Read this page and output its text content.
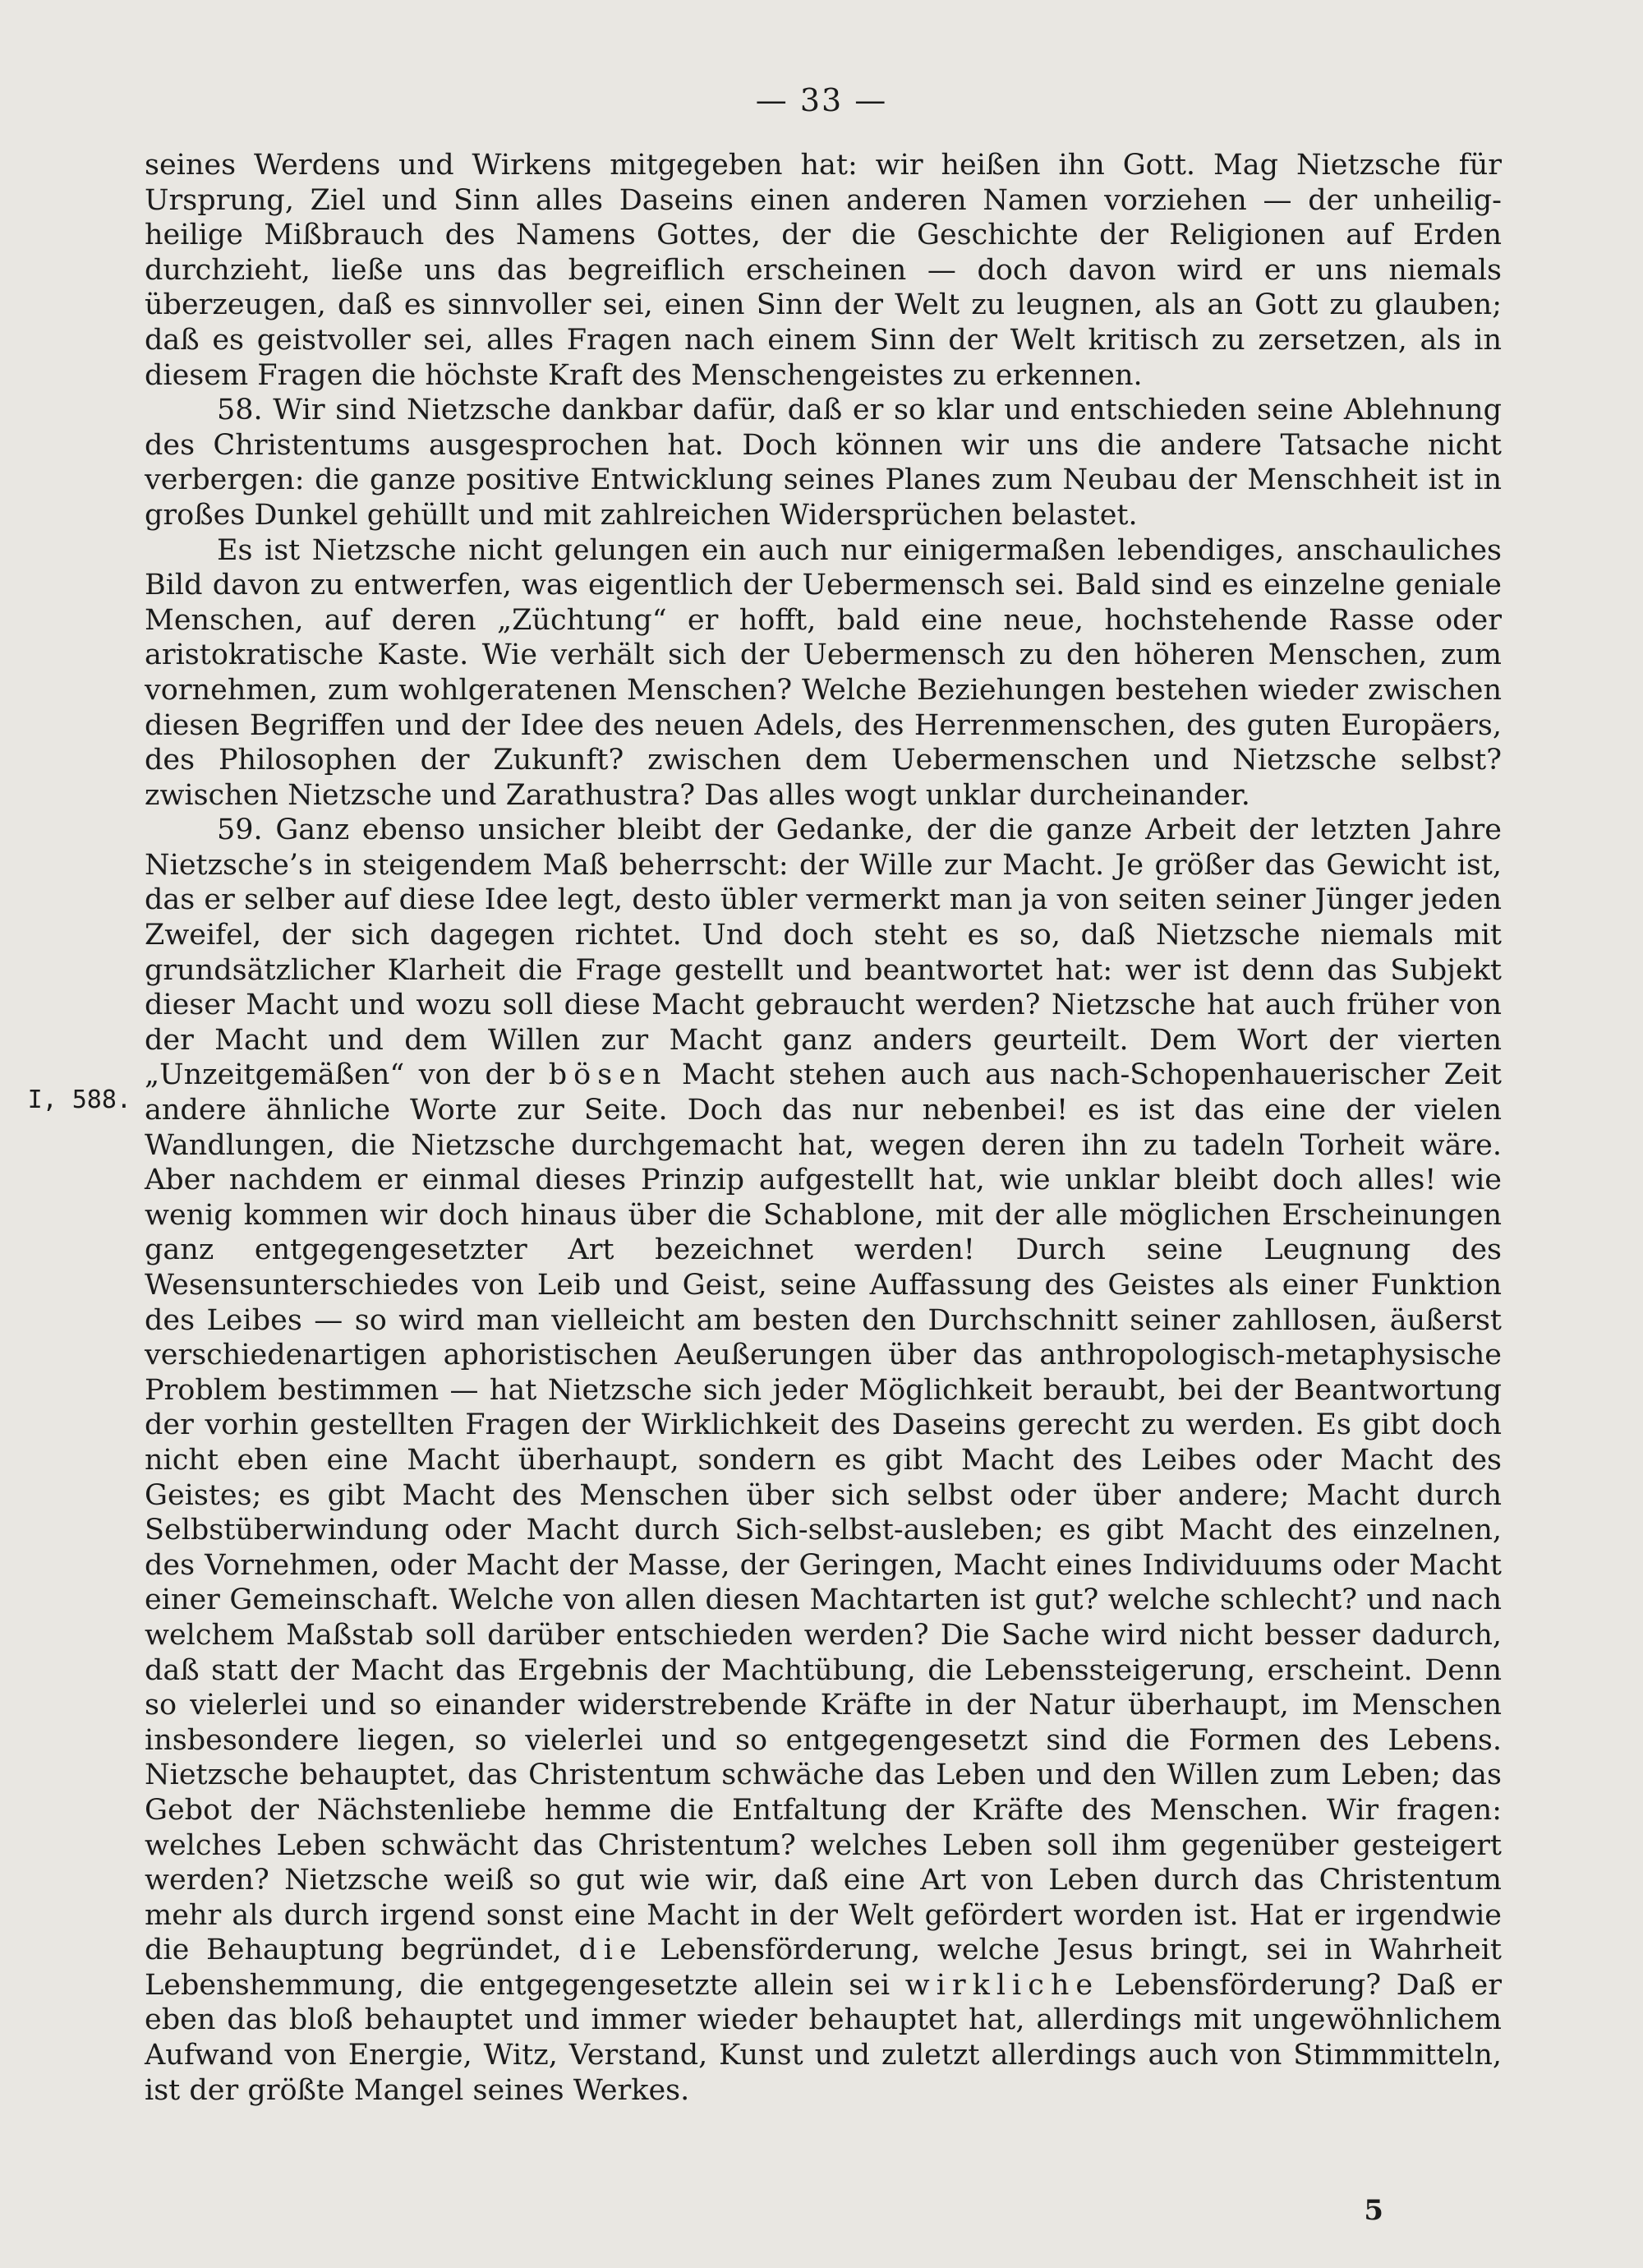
— 33 —
I, 588.

seines Werdens und Wirkens mitgegeben hat: wir heißen ihn Gott. Mag Nietzsche für Ursprung, Ziel und Sinn alles Daseins einen anderen Namen vorziehen — der unheilig-heilige Mißbrauch des Namens Gottes, der die Geschichte der Religionen auf Erden durchzieht, ließe uns das begreiflich erscheinen — doch davon wird er uns niemals überzeugen, daß es sinnvoller sei, einen Sinn der Welt zu leugnen, als an Gott zu glauben; daß es geistvoller sei, alles Fragen nach einem Sinn der Welt kritisch zu zersetzen, als in diesem Fragen die höchste Kraft des Menschengeistes zu erkennen.

58. Wir sind Nietzsche dankbar dafür, daß er so klar und entschieden seine Ablehnung des Christentums ausgesprochen hat. Doch können wir uns die andere Tatsache nicht verbergen: die ganze positive Entwicklung seines Planes zum Neubau der Menschheit ist in großes Dunkel gehüllt und mit zahlreichen Widersprüchen belastet.

Es ist Nietzsche nicht gelungen ein auch nur einigermaßen lebendiges, anschauliches Bild davon zu entwerfen, was eigentlich der Uebermensch sei. Bald sind es einzelne geniale Menschen, auf deren „Züchtung“ er hofft, bald eine neue, hochstehende Rasse oder aristokratische Kaste. Wie verhält sich der Uebermensch zu den höheren Menschen, zum vornehmen, zum wohlgeratenen Menschen? Welche Beziehungen bestehen wieder zwischen diesen Begriffen und der Idee des neuen Adels, des Herrenmenschen, des guten Europäers, des Philosophen der Zukunft? zwischen dem Uebermenschen und Nietzsche selbst? zwischen Nietzsche und Zarathustra? Das alles wogt unklar durcheinander.

59. Ganz ebenso unsicher bleibt der Gedanke, der die ganze Arbeit der letzten Jahre Nietzsche’s in steigendem Maß beherrscht: der Wille zur Macht. Je größer das Gewicht ist, das er selber auf diese Idee legt, desto übler vermerkt man ja von seiten seiner Jünger jeden Zweifel, der sich dagegen richtet. Und doch steht es so, daß Nietzsche niemals mit grundsätzlicher Klarheit die Frage gestellt und beantwortet hat: wer ist denn das Subjekt dieser Macht und wozu soll diese Macht gebraucht werden? Nietzsche hat auch früher von der Macht und dem Willen zur Macht ganz anders geurteilt. Dem Wort der vierten „Unzeitgemäßen“ von der bösen Macht stehen auch aus nach-Schopenhauerischer Zeit andere ähnliche Worte zur Seite. Doch das nur nebenbei! es ist das eine der vielen Wandlungen, die Nietzsche durchgemacht hat, wegen deren ihn zu tadeln Torheit wäre. Aber nachdem er einmal dieses Prinzip aufgestellt hat, wie unklar bleibt doch alles! wie wenig kommen wir doch hinaus über die Schablone, mit der alle möglichen Erscheinungen ganz entgegengesetzter Art bezeichnet werden! Durch seine Leugnung des Wesensunterschiedes von Leib und Geist, seine Auffassung des Geistes als einer Funktion des Leibes — so wird man vielleicht am besten den Durchschnitt seiner zahllosen, äußerst verschiedenartigen aphoristischen Aeußerungen über das anthropologisch-metaphysische Problem bestimmen — hat Nietzsche sich jeder Möglichkeit beraubt, bei der Beantwortung der vorhin gestellten Fragen der Wirklichkeit des Daseins gerecht zu werden. Es gibt doch nicht eben eine Macht überhaupt, sondern es gibt Macht des Leibes oder Macht des Geistes; es gibt Macht des Menschen über sich selbst oder über andere; Macht durch Selbstüberwindung oder Macht durch Sich-selbst-ausleben; es gibt Macht des einzelnen, des Vornehmen, oder Macht der Masse, der Geringen, Macht eines Individuums oder Macht einer Gemeinschaft. Welche von allen diesen Machtarten ist gut? welche schlecht? und nach welchem Maßstab soll darüber entschieden werden? Die Sache wird nicht besser dadurch, daß statt der Macht das Ergebnis der Machtübung, die Lebenssteigerung, erscheint. Denn so vielerlei und so einander widerstrebende Kräfte in der Natur überhaupt, im Menschen insbesondere liegen, so vielerlei und so entgegengesetzt sind die Formen des Lebens. Nietzsche behauptet, das Christentum schwäche das Leben und den Willen zum Leben; das Gebot der Nächstenliebe hemme die Entfaltung der Kräfte des Menschen. Wir fragen: welches Leben schwächt das Christentum? welches Leben soll ihm gegenüber gesteigert werden? Nietzsche weiß so gut wie wir, daß eine Art von Leben durch das Christentum mehr als durch irgend sonst eine Macht in der Welt gefördert worden ist. Hat er irgendwie die Behauptung begründet, die Lebensförderung, welche Jesus bringt, sei in Wahrheit Lebenshemmung, die entgegengesetzte allein sei wirkliche Lebensförderung? Daß er eben das bloß behauptet und immer wieder behauptet hat, allerdings mit ungewöhnlichem Aufwand von Energie, Witz, Verstand, Kunst und zuletzt allerdings auch von Stimmmitteln, ist der größte Mangel seines Werkes.

5
